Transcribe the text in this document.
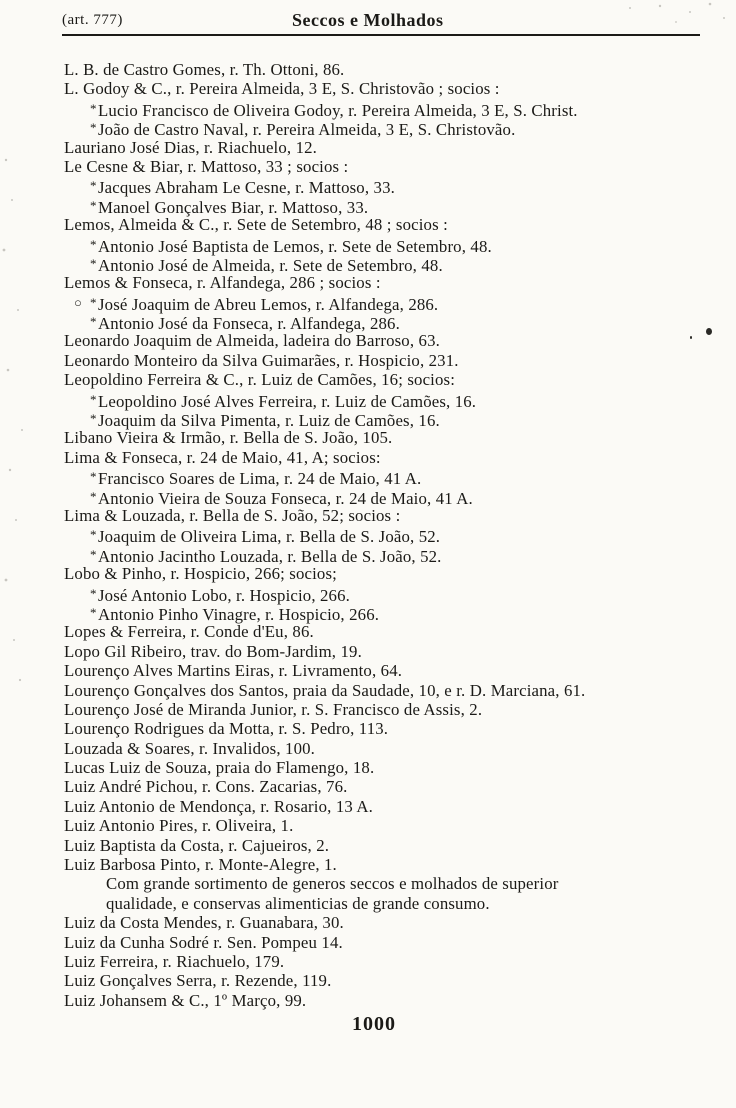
(art. 777)	Seccos e Molhados
L. B. de Castro Gomes, r. Th. Ottoni, 86.
L. Godoy & C., r. Pereira Almeida, 3 E, S. Christovão ; socios :
*Lucio Francisco de Oliveira Godoy, r. Pereira Almeida, 3 E, S. Christ.
*João de Castro Naval, r. Pereira Almeida, 3 E, S. Christovão.
Lauriano José Dias, r. Riachuelo, 12.
Le Cesne & Biar, r. Mattoso, 33 ; socios :
*Jacques Abraham Le Cesne, r. Mattoso, 33.
*Manoel Gonçalves Biar, r. Mattoso, 33.
Lemos, Almeida & C., r. Sete de Setembro, 48 ; socios :
*Antonio José Baptista de Lemos, r. Sete de Setembro, 48.
*Antonio José de Almeida, r. Sete de Setembro, 48.
Lemos & Fonseca, r. Alfandega, 286 ; socios :
○ *José Joaquim de Abreu Lemos, r. Alfandega, 286.
*Antonio José da Fonseca, r. Alfandega, 286.
Leonardo Joaquim de Almeida, ladeira do Barroso, 63.
Leonardo Monteiro da Silva Guimarães, r. Hospicio, 231.
Leopoldino Ferreira & C., r. Luiz de Camões, 16; socios:
*Leopoldino José Alves Ferreira, r. Luiz de Camões, 16.
*Joaquim da Silva Pimenta, r. Luiz de Camões, 16.
Libano Vieira & Irmão, r. Bella de S. João, 105.
Lima & Fonseca, r. 24 de Maio, 41, A; socios:
*Francisco Soares de Lima, r. 24 de Maio, 41 A.
*Antonio Vieira de Souza Fonseca, r. 24 de Maio, 41 A.
Lima & Louzada, r. Bella de S. João, 52; socios :
*Joaquim de Oliveira Lima, r. Bella de S. João, 52.
*Antonio Jacintho Louzada, r. Bella de S. João, 52.
Lobo & Pinho, r. Hospicio, 266; socios;
*José Antonio Lobo, r. Hospicio, 266.
*Antonio Pinho Vinagre, r. Hospicio, 266.
Lopes & Ferreira, r. Conde d'Eu, 86.
Lopo Gil Ribeiro, trav. do Bom-Jardim, 19.
Lourenço Alves Martins Eiras, r. Livramento, 64.
Lourenço Gonçalves dos Santos, praia da Saudade, 10, e r. D. Marciana, 61.
Lourenço José de Miranda Junior, r. S. Francisco de Assis, 2.
Lourenço Rodrigues da Motta, r. S. Pedro, 113.
Louzada & Soares, r. Invalidos, 100.
Lucas Luiz de Souza, praia do Flamengo, 18.
Luiz André Pichou, r. Cons. Zacarias, 76.
Luiz Antonio de Mendonça, r. Rosario, 13 A.
Luiz Antonio Pires, r. Oliveira, 1.
Luiz Baptista da Costa, r. Cajueiros, 2.
Luiz Barbosa Pinto, r. Monte-Alegre, 1.
Com grande sortimento de generos seccos e molhados de superior
qualidade, e conservas alimenticias de grande consumo.
Luiz da Costa Mendes, r. Guanabara, 30.
Luiz da Cunha Sodré r. Sen. Pompeu 14.
Luiz Ferreira, r. Riachuelo, 179.
Luiz Gonçalves Serra, r. Rezende, 119.
Luiz Johansem & C., 1º Março, 99.
1000
